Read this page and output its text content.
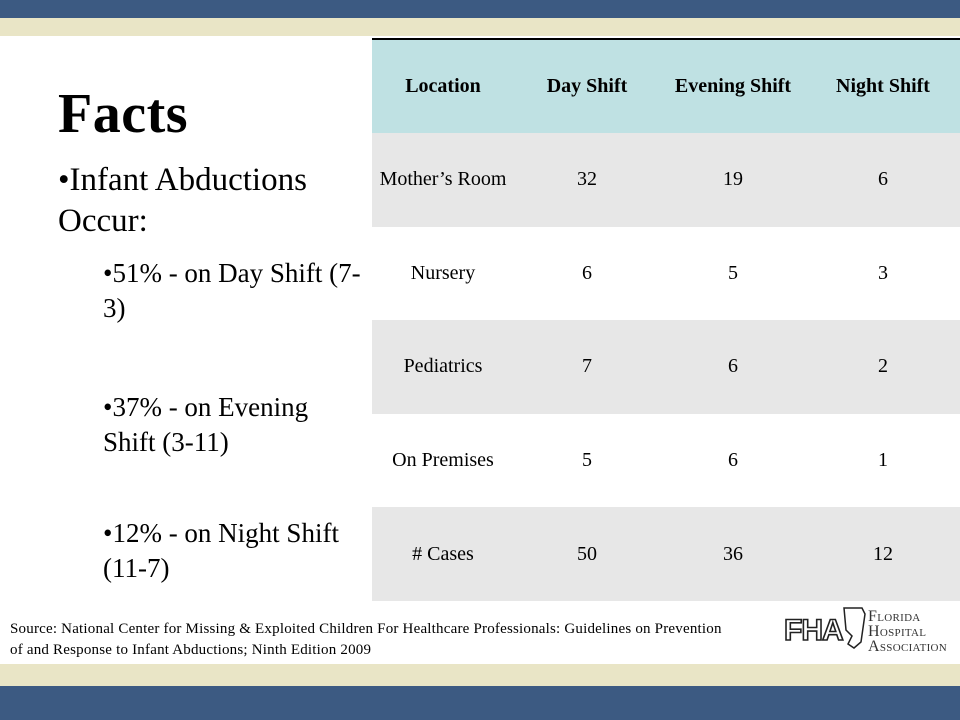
Facts
•Infant Abductions Occur:
•51% - on Day Shift (7-3)
•37% - on Evening Shift (3-11)
•12% - on Night Shift (11-7)
Location	Day Shift	Evening Shift	Night Shift
Mother’s Room	32	19	6
Nursery	6	5	3
Pediatrics	7	6	2
On Premises	5	6	1
# Cases	50	36	12
Source: National Center for Missing & Exploited Children For Healthcare Professionals: Guidelines on Prevention of and Response to Infant Abductions; Ninth Edition 2009
FHA FLORIDA
HOSPITAL
ASSOCIATION
